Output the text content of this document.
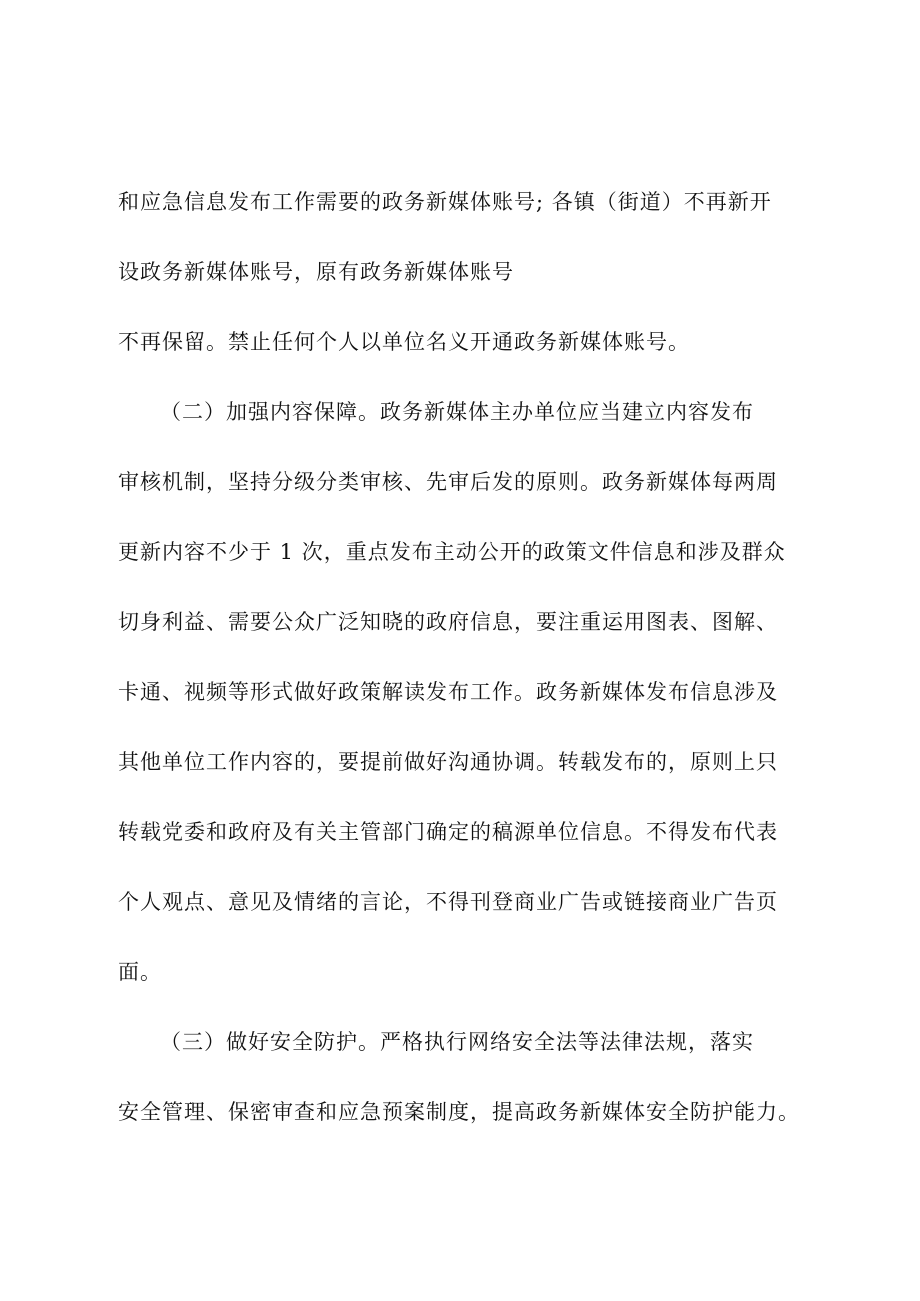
和应急信息发布工作需要的政务新媒体账号; 各镇（街道）不再新开
设政务新媒体账号，原有政务新媒体账号
不再保留。禁止任何个人以单位名义开通政务新媒体账号。
（二）加强内容保障。政务新媒体主办单位应当建立内容发布
审核机制，坚持分级分类审核、先审后发的原则。政务新媒体每两周
更新内容不少于 1 次，重点发布主动公开的政策文件信息和涉及群众
切身利益、需要公众广泛知晓的政府信息，要注重运用图表、图解、
卡通、视频等形式做好政策解读发布工作。政务新媒体发布信息涉及
其他单位工作内容的，要提前做好沟通协调。转载发布的，原则上只
转载党委和政府及有关主管部门确定的稿源单位信息。不得发布代表
个人观点、意见及情绪的言论，不得刊登商业广告或链接商业广告页
面。
（三）做好安全防护。严格执行网络安全法等法律法规，落实
安全管理、保密审查和应急预案制度，提高政务新媒体安全防护能力。
